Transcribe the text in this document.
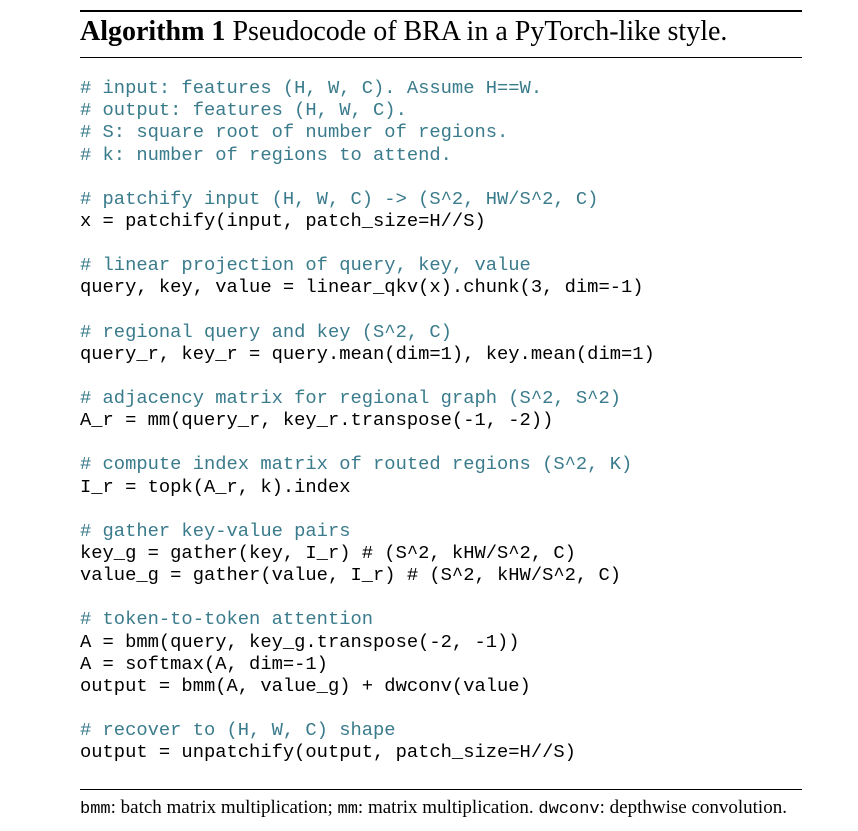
Algorithm 1 Pseudocode of BRA in a PyTorch-like style.
# input: features (H, W, C). Assume H==W.
# output: features (H, W, C).
# S: square root of number of regions.
# k: number of regions to attend.
# patchify input (H, W, C) -> (S^2, HW/S^2, C)
x = patchify(input, patch_size=H//S)
# linear projection of query, key, value
query, key, value = linear_qkv(x).chunk(3, dim=-1)
# regional query and key (S^2, C)
query_r, key_r = query.mean(dim=1), key.mean(dim=1)
# adjacency matrix for regional graph (S^2, S^2)
A_r = mm(query_r, key_r.transpose(-1, -2))
# compute index matrix of routed regions (S^2, K)
I_r = topk(A_r, k).index
# gather key-value pairs
key_g = gather(key, I_r) # (S^2, kHW/S^2, C)
value_g = gather(value, I_r) # (S^2, kHW/S^2, C)
# token-to-token attention
A = bmm(query, key_g.transpose(-2, -1))
A = softmax(A, dim=-1)
output = bmm(A, value_g) + dwconv(value)
# recover to (H, W, C) shape
output = unpatchify(output, patch_size=H//S)
bmm: batch matrix multiplication; mm: matrix multiplication. dwconv: depthwise convolution.
